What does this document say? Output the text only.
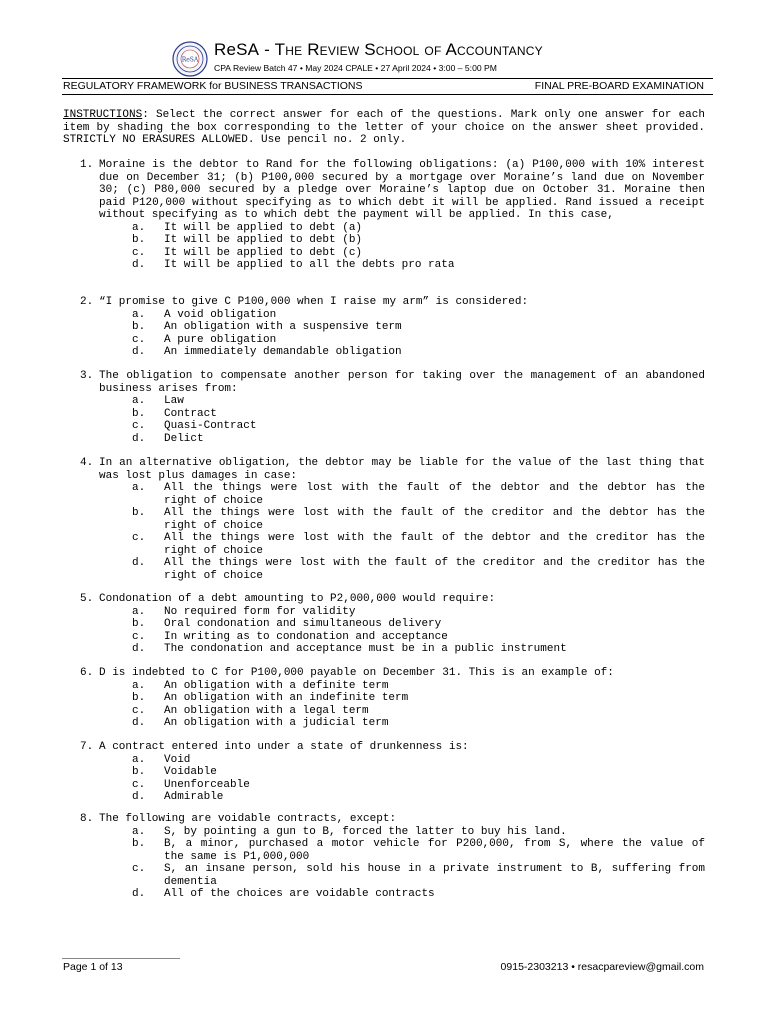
ReSA
ReSA - The Review School of Accountancy
CPA Review Batch 47 • May 2024 CPALE • 27 April 2024 • 3:00 – 5:00 PM
REGULATORY FRAMEWORK for BUSINESS TRANSACTIONS	FINAL PRE-BOARD EXAMINATION
INSTRUCTIONS: Select the correct answer for each of the questions. Mark only one answer for each item by shading the box corresponding to the letter of your choice on the answer sheet provided. STRICTLY NO ERASURES ALLOWED. Use pencil no. 2 only.
1. Moraine is the debtor to Rand for the following obligations: (a) P100,000 with 10% interest due on December 31; (b) P100,000 secured by a mortgage over Moraine’s land due on November 30; (c) P80,000 secured by a pledge over Moraine’s laptop due on October 31. Moraine then paid P120,000 without specifying as to which debt it will be applied. Rand issued a receipt without specifying as to which debt the payment will be applied. In this case,
a. It will be applied to debt (a)
b. It will be applied to debt (b)
c. It will be applied to debt (c)
d. It will be applied to all the debts pro rata
2. “I promise to give C P100,000 when I raise my arm” is considered:
a. A void obligation
b. An obligation with a suspensive term
c. A pure obligation
d. An immediately demandable obligation
3. The obligation to compensate another person for taking over the management of an abandoned business arises from:
a. Law
b. Contract
c. Quasi-Contract
d. Delict
4. In an alternative obligation, the debtor may be liable for the value of the last thing that was lost plus damages in case:
a. All the things were lost with the fault of the debtor and the debtor has the right of choice
b. All the things were lost with the fault of the creditor and the debtor has the right of choice
c. All the things were lost with the fault of the debtor and the creditor has the right of choice
d. All the things were lost with the fault of the creditor and the creditor has the right of choice
5. Condonation of a debt amounting to P2,000,000 would require:
a. No required form for validity
b. Oral condonation and simultaneous delivery
c. In writing as to condonation and acceptance
d. The condonation and acceptance must be in a public instrument
6. D is indebted to C for P100,000 payable on December 31. This is an example of:
a. An obligation with a definite term
b. An obligation with an indefinite term
c. An obligation with a legal term
d. An obligation with a judicial term
7. A contract entered into under a state of drunkenness is:
a. Void
b. Voidable
c. Unenforceable
d. Admirable
8. The following are voidable contracts, except:
a. S, by pointing a gun to B, forced the latter to buy his land.
b. B, a minor, purchased a motor vehicle for P200,000, from S, where the value of the same is P1,000,000
c. S, an insane person, sold his house in a private instrument to B, suffering from dementia
d. All of the choices are voidable contracts
Page 1 of 13	0915-2303213 • resacpareview@gmail.com
